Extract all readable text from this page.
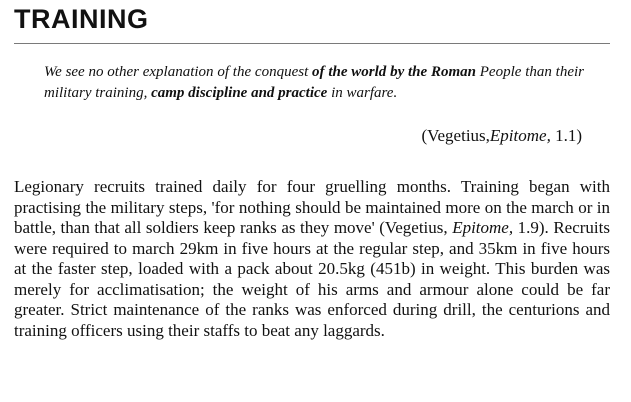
TRAINING

We see no other explanation of the conquest of the world by the Roman People than their military training, camp discipline and practice in warfare.

(Vegetius,Epitome, 1.1)

Legionary recruits trained daily for four gruelling months. Training began with practising the military steps, 'for nothing should be maintained more on the march or in battle, than that all soldiers keep ranks as they move' (Vegetius, Epitome, 1.9). Recruits were required to march 29km in five hours at the regular step, and 35km in five hours at the faster step, loaded with a pack about 20.5kg (451b) in weight. This burden was merely for acclimatisation; the weight of his arms and armour alone could be far greater. Strict maintenance of the ranks was enforced during drill, the centurions and training officers using their staffs to beat any laggards.
